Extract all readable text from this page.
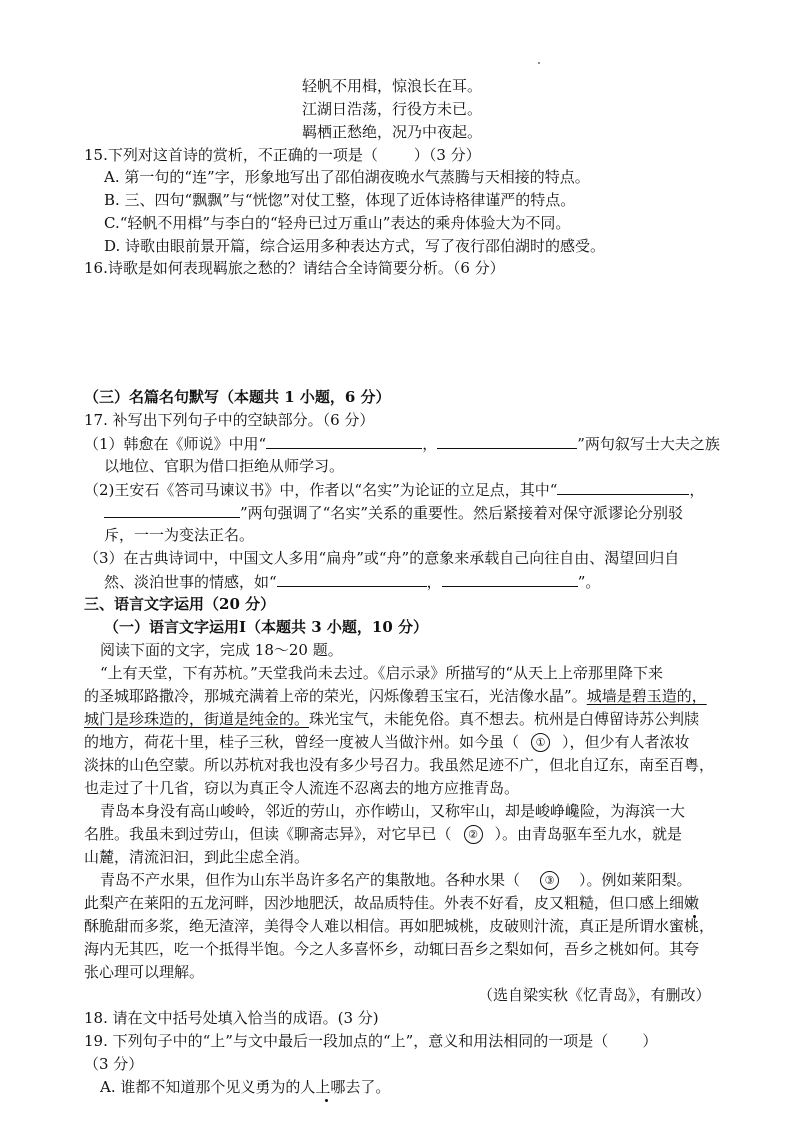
轻帆不用楫，惊浪长在耳。
江湖日浩荡，行役方未已。
羁栖正愁绝，况乃中夜起。
15.下列对这首诗的赏析，不正确的一项是（ ）（3 分）
A. 第一句的“连”字，形象地写出了邵伯湖夜晚水气蒸腾与天相接的特点。
B. 三、四句“飘飘”与“恍惚”对仗工整，体现了近体诗格律谨严的特点。
C.“轻帆不用楫”与李白的“轻舟已过万重山”表达的乘舟体验大为不同。
D. 诗歌由眼前景开篇，综合运用多种表达方式，写了夜行邵伯湖时的感受。
16.诗歌是如何表现羁旅之愁的？请结合全诗简要分析。（6 分）
（三）名篇名句默写（本题共 1 小题，6 分）
17. 补写出下列句子中的空缺部分。（6 分）
（1）韩愈在《师说》中用“	，	”两句叙写士大夫之族
以地位、官职为借口拒绝从师学习。
（2)王安石《答司马谏议书》中，作者以“名实”为论证的立足点，其中“	，
”两句强调了“名实”关系的重要性。然后紧接着对保守派谬论分别驳
斥，一一为变法正名。
（3）在古典诗词中，中国文人多用“扁舟”或“舟”的意象来承载自己向往自由、渴望回归自
然、淡泊世事的情感，如“	，	”。
三、语言文字运用（20 分）
（一）语言文字运用Ⅰ（本题共 3 小题，10 分）
阅读下面的文字，完成 18～20 题。
“上有天堂，下有苏杭。”天堂我尚未去过。《启示录》所描写的“从天上上帝那里降下来
的圣城耶路撒冷，那城充满着上帝的荣光，闪烁像碧玉宝石，光洁像水晶”。城墙是碧玉造的，
城门是珍珠造的，街道是纯金的。珠光宝气，未能免俗。真不想去。杭州是白傅留诗苏公判牍
的地方，荷花十里，桂子三秋，曾经一度被人当做汴州。如今虽（ ① ），但少有人者浓妆
淡抹的山色空蒙。所以苏杭对我也没有多少号召力。我虽然足迹不广，但北自辽东，南至百粤，
也走过了十几省，窃以为真正令人流连不忍离去的地方应推青岛。
青岛本身没有高山峻岭，邻近的劳山，亦作崂山，又称牢山，却是峻峥巉险，为海滨一大
名胜。我虽未到过劳山，但读《聊斋志异》，对它早已（ ② ）。由青岛驱车至九水，就是
山麓，清流汩汩，到此尘虑全消。
青岛不产水果，但作为山东半岛许多名产的集散地。各种水果（ ③ ）。例如莱阳梨。
此梨产在莱阳的五龙河畔，因沙地肥沃，故品质特佳。外表不好看，皮又粗糙，但口感上细嫩
酥脆甜而多浆，绝无渣滓，美得令人难以相信。再如肥城桃，皮破则汁流，真正是所谓水蜜桃，
海内无其匹，吃一个抵得半饱。今之人多喜怀乡，动辄曰吾乡之梨如何，吾乡之桃如何。其夸
张心理可以理解。
（选自梁实秋《忆青岛》，有删改）
18. 请在文中括号处填入恰当的成语。(3 分)
19. 下列句子中的“上”与文中最后一段加点的“上”，意义和用法相同的一项是（ ）
（3 分）
A. 谁都不知道那个见义勇为的人上哪去了。
